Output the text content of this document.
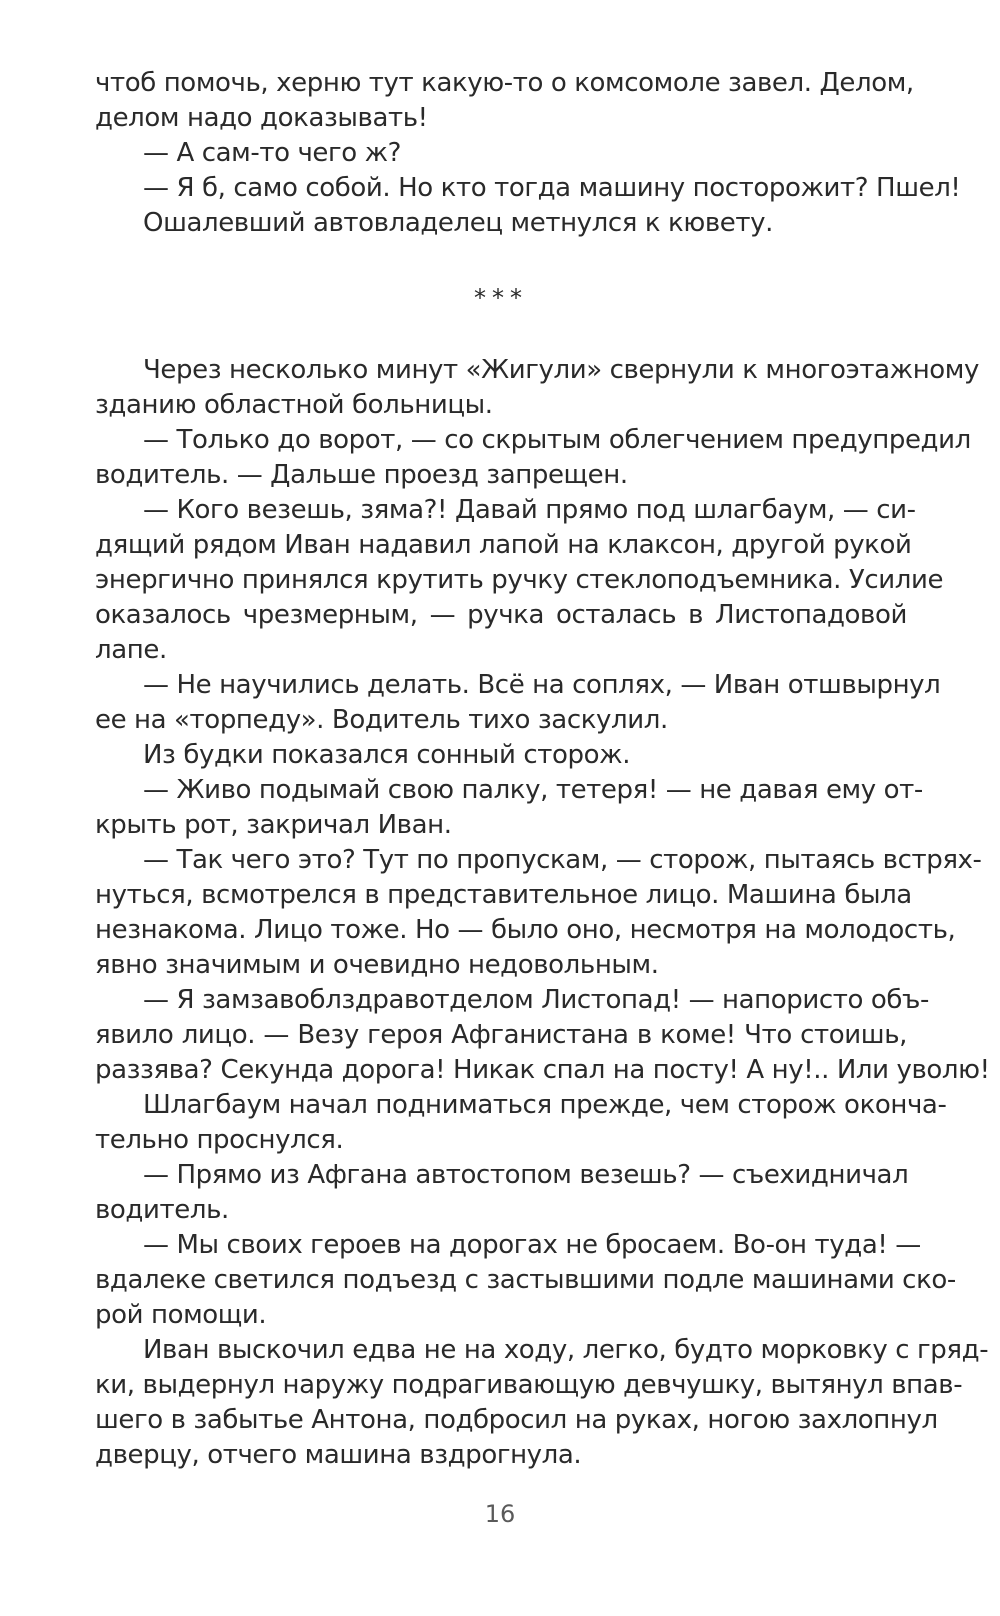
чтоб помочь, херню тут какую-то о комсомоле завел. Делом,
делом надо доказывать!
— А сам-то чего ж?
— Я б, само собой. Но кто тогда машину посторожит? Пшел!
Ошалевший автовладелец метнулся к кювету.
***
Через несколько минут «Жигули» свернули к многоэтажному
зданию областной больницы.
— Только до ворот, — со скрытым облегчением предупредил
водитель. — Дальше проезд запрещен.
— Кого везешь, зяма?! Давай прямо под шлагбаум, — си-
дящий рядом Иван надавил лапой на клаксон, другой рукой
энергично принялся крутить ручку стеклоподъемника. Усилие
оказалось чрезмерным, — ручка осталась в Листопадовой
лапе.
— Не научились делать. Всё на соплях, — Иван отшвырнул
ее на «торпеду». Водитель тихо заскулил.
Из будки показался сонный сторож.
— Живо подымай свою палку, тетеря! — не давая ему от-
крыть рот, закричал Иван.
— Так чего это? Тут по пропускам, — сторож, пытаясь встрях-
нуться, всмотрелся в представительное лицо. Машина была
незнакома. Лицо тоже. Но — было оно, несмотря на молодость,
явно значимым и очевидно недовольным.
— Я замзавоблздравотделом Листопад! — напористо объ-
явило лицо. — Везу героя Афганистана в коме! Что стоишь,
раззява? Секунда дорога! Никак спал на посту! А ну!.. Или уволю!
Шлагбаум начал подниматься прежде, чем сторож оконча-
тельно проснулся.
— Прямо из Афгана автостопом везешь? — съехидничал
водитель.
— Мы своих героев на дорогах не бросаем. Во-он туда! —
вдалеке светился подъезд с застывшими подле машинами ско-
рой помощи.
Иван выскочил едва не на ходу, легко, будто морковку с гряд-
ки, выдернул наружу подрагивающую девчушку, вытянул впав-
шего в забытье Антона, подбросил на руках, ногою захлопнул
дверцу, отчего машина вздрогнула.
16
